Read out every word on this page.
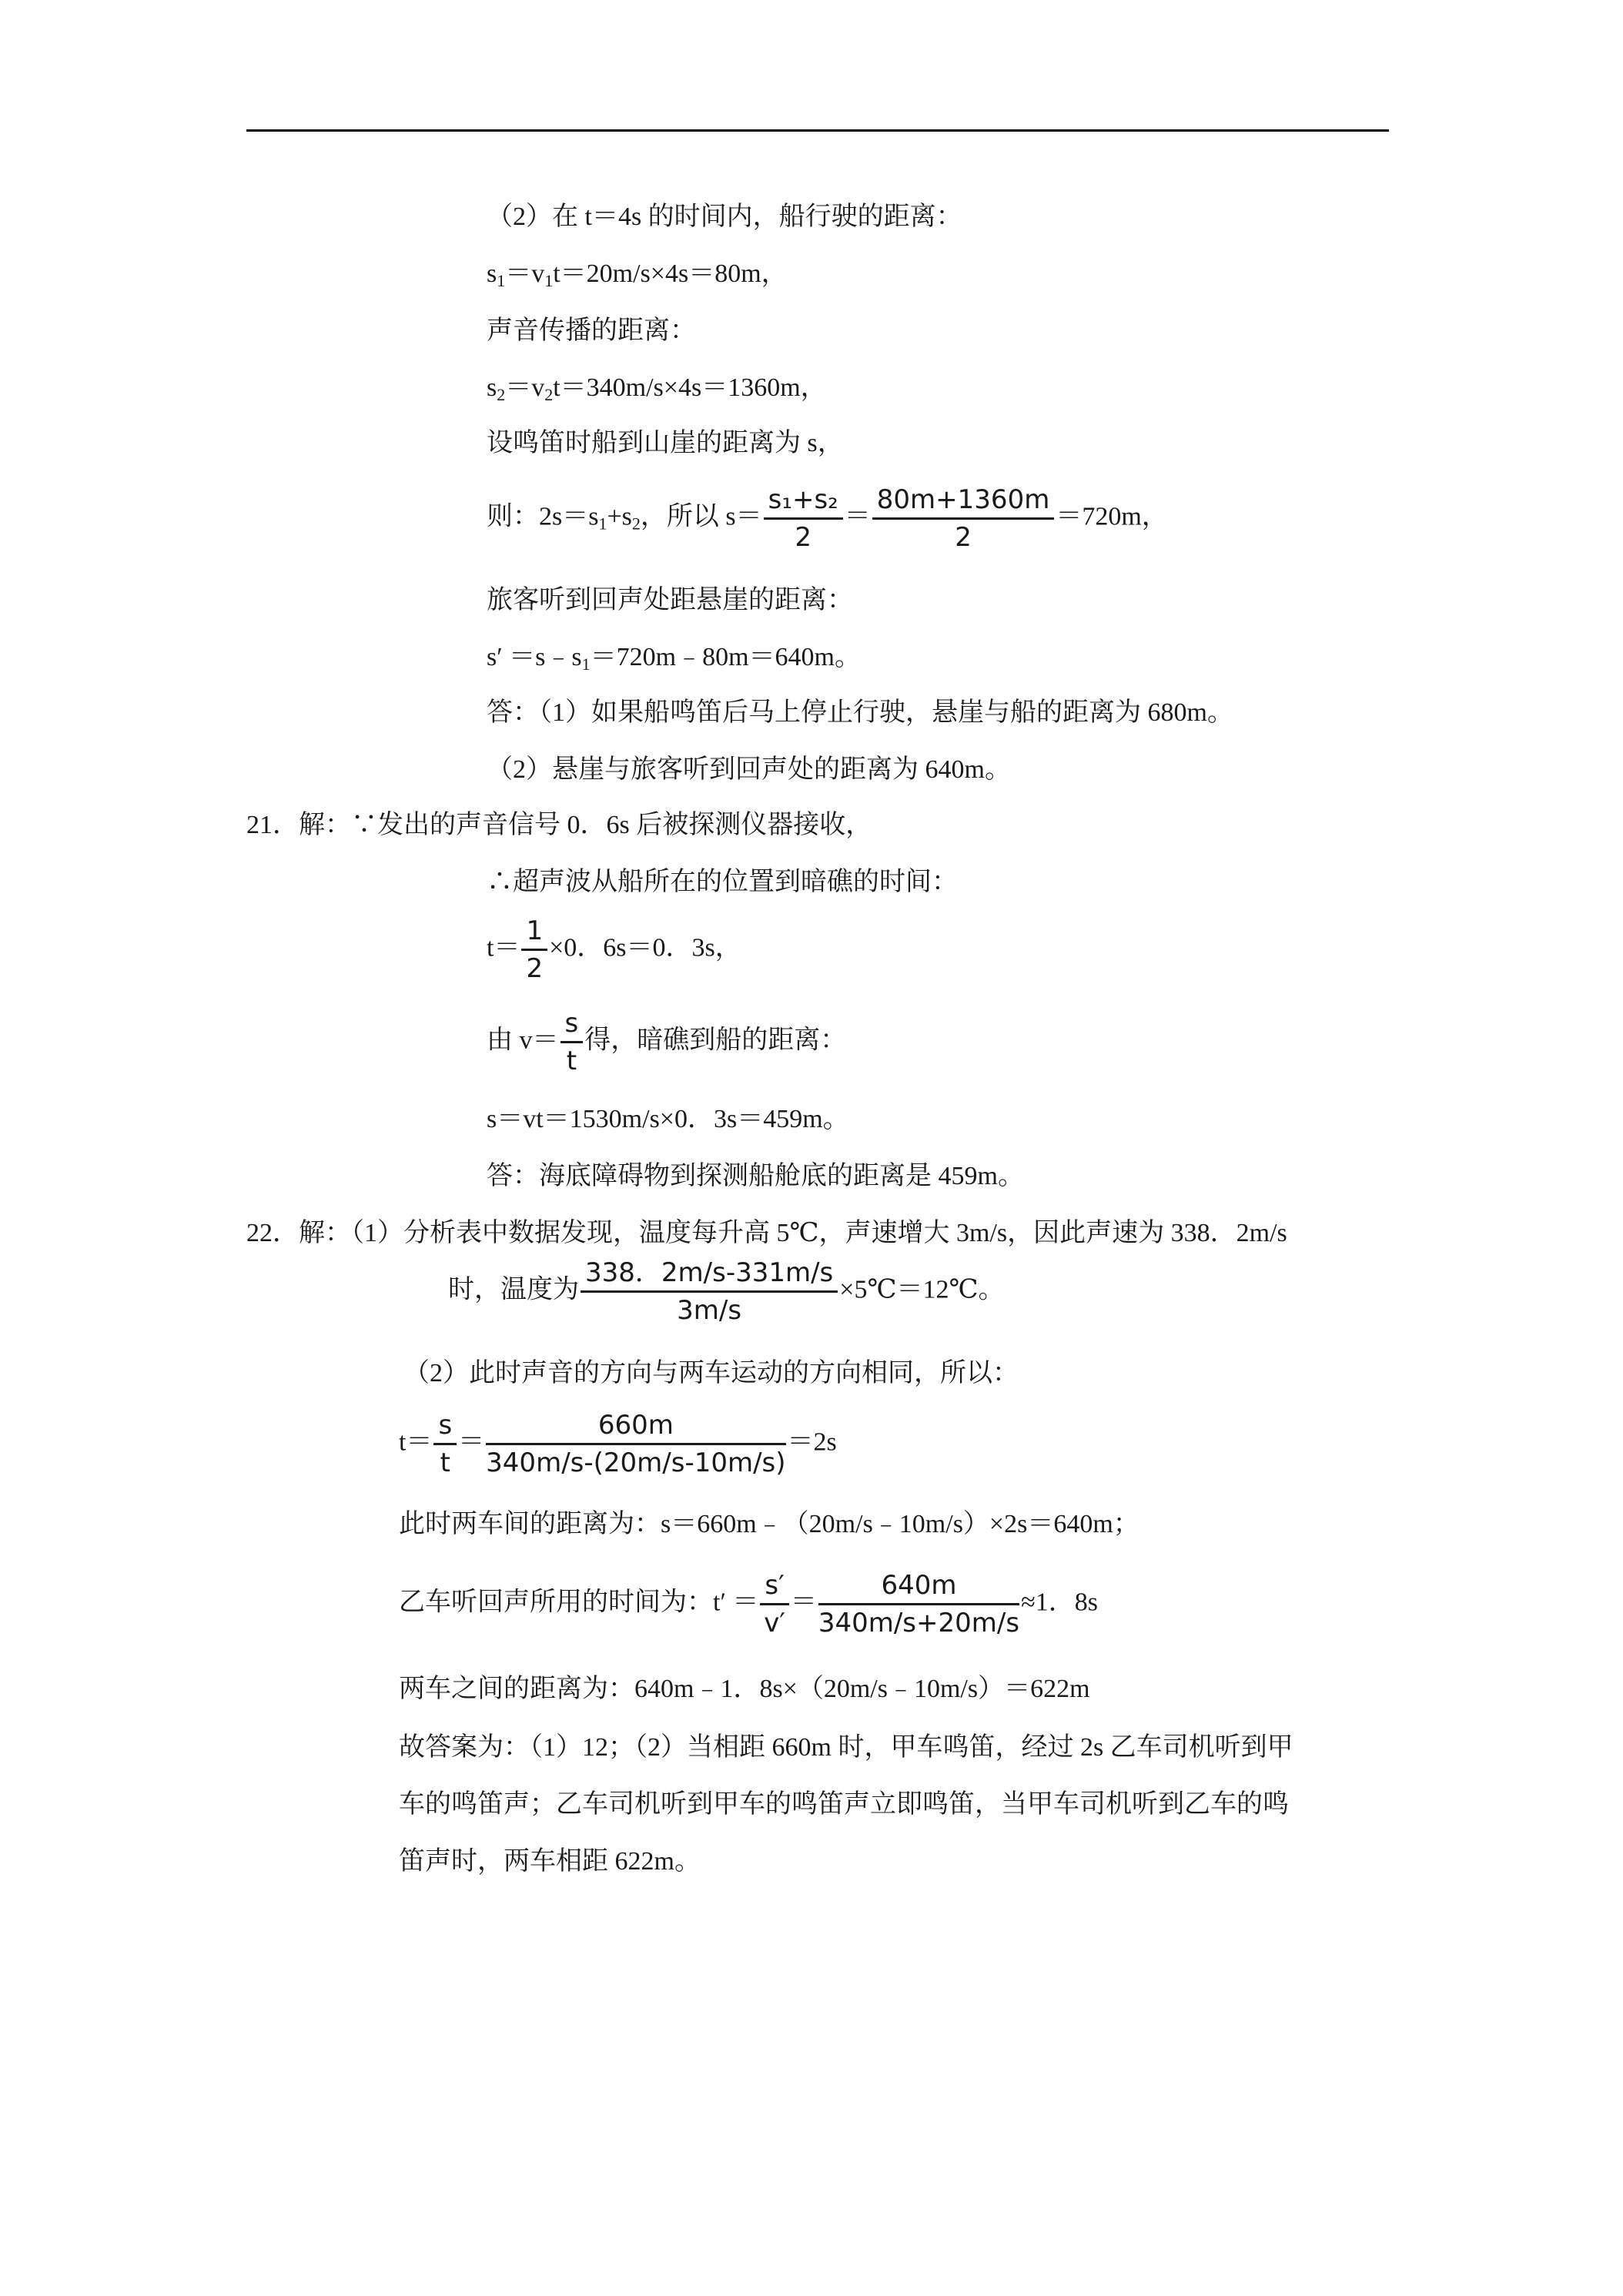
（2）在 t＝4s 的时间内，船行驶的距离：
$s_1=v_1t=20m/s\times 4s=80m$，
声音传播的距离：
$s_2=v_2t=340m/s\times 4s=1360m$，
设鸣笛时船到山崖的距离为 s，
则：$2s=s_1+s_2$，所以 $s= \frac{\text{s₁+s₂}}{2} = \frac{80m+1360m}{2} =720m$，
旅客听到回声处距悬崖的距离：
$s' =s﹣s_1=720m﹣80m=640m$。
答：（1）如果船鸣笛后马上停止行驶，悬崖与船的距离为 680m。
（2）悬崖与旅客听到回声处的距离为 640m。
21．解：∵发出的声音信号 0．6s 后被探测仪器接收，
∴超声波从船所在的位置到暗礁的时间：
$t= \frac{1}{2} \times 0$．6s＝0．3s，
由 $v= \frac{s}{t}$ 得，暗礁到船的距离：
s＝vt＝1530m/s×0．3s＝459m。
答：海底障碍物到探测船舱底的距离是 459m。
22．解：（1）分析表中数据发现，温度每升高 5℃，声速增大 3m/s，因此声速为 338．2m/s
时，温度为 $\frac{338.2m/s-331m/s}{3m/s}$ ×5℃＝12℃。
（2）此时声音的方向与两车运动的方向相同，所以：
$t= \frac{s}{t} = \frac{660m}{340m/s-(20m/s-10m/s)} =2s$
此时两车间的距离为：s＝660m﹣（20m/s﹣10m/s）×2s＝640m；
乙车听回声所用的时间为：$t' = \frac{s'}{v'} = \frac{640m}{340m/s+20m/s} \approx 1$．8s
两车之间的距离为：640m﹣1．8s×（20m/s﹣10m/s）＝622m
故答案为：（1）12；（2）当相距 660m 时，甲车鸣笛，经过 2s 乙车司机听到甲
车的鸣笛声；乙车司机听到甲车的鸣笛声立即鸣笛，当甲车司机听到乙车的鸣
笛声时，两车相距 622m。
